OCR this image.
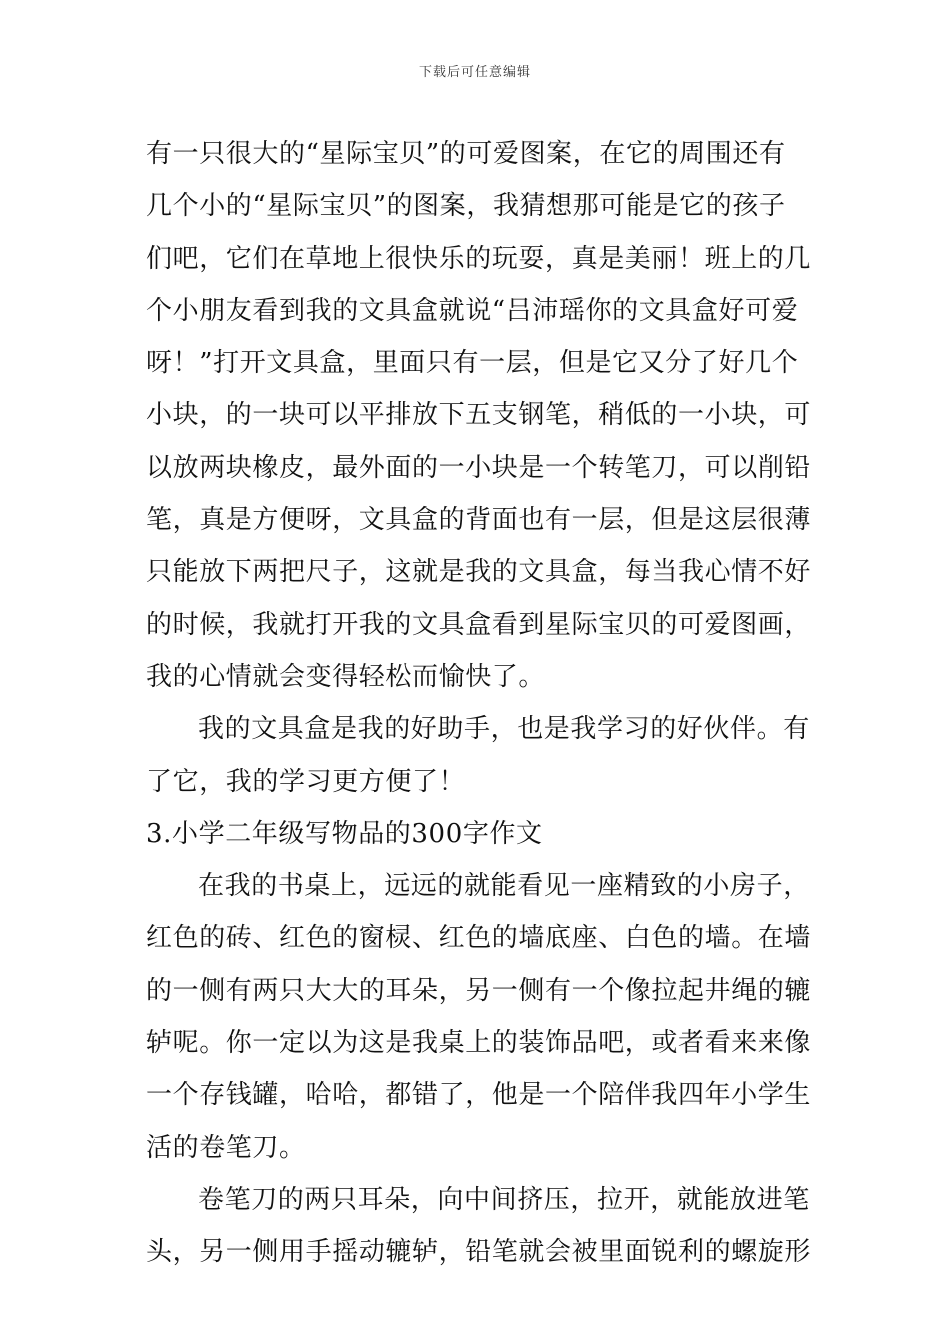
下载后可任意编辑
有一只很大的“星际宝贝”的可爱图案，在它的周围还有
几个小的“星际宝贝”的图案，我猜想那可能是它的孩子
们吧，它们在草地上很快乐的玩耍，真是美丽！班上的几
个小朋友看到我的文具盒就说“吕沛瑶你的文具盒好可爱
呀！”打开文具盒，里面只有一层，但是它又分了好几个
小块，的一块可以平排放下五支钢笔，稍低的一小块，可
以放两块橡皮，最外面的一小块是一个转笔刀，可以削铅
笔，真是方便呀，文具盒的背面也有一层，但是这层很薄
只能放下两把尺子，这就是我的文具盒，每当我心情不好
的时候，我就打开我的文具盒看到星际宝贝的可爱图画，
我的心情就会变得轻松而愉快了。
我的文具盒是我的好助手，也是我学习的好伙伴。有
了它，我的学习更方便了！
3.小学二年级写物品的300字作文
在我的书桌上，远远的就能看见一座精致的小房子，
红色的砖、红色的窗棂、红色的墙底座、白色的墙。在墙
的一侧有两只大大的耳朵，另一侧有一个像拉起井绳的辘
轳呢。你一定以为这是我桌上的装饰品吧，或者看来来像
一个存钱罐，哈哈，都错了，他是一个陪伴我四年小学生
活的卷笔刀。
卷笔刀的两只耳朵，向中间挤压，拉开，就能放进笔
头，另一侧用手摇动辘轳，铅笔就会被里面锐利的螺旋形
